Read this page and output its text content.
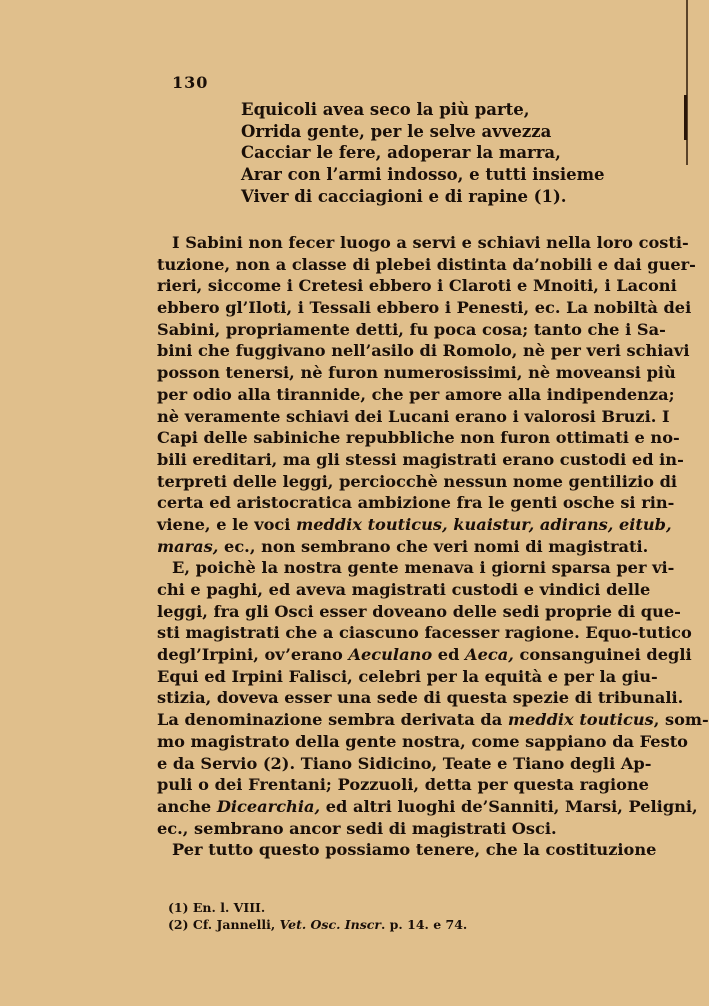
130
Equicoli avea seco la più parte,
Orrida gente, per le selve avvezza
Cacciar le fere, adoperar la marra,
Arar con l’armi indosso, e tutti insieme
Viver di cacciagioni e di rapine (1).
I Sabini non fecer luogo a servi e schiavi nella loro costi-
tuzione, non a classe di plebei distinta da’nobili e dai guer-
rieri, siccome i Cretesi ebbero i Claroti e Mnoiti, i Laconi
ebbero gl’Iloti, i Tessali ebbero i Penesti, ec. La nobiltà dei
Sabini, propriamente detti, fu poca cosa; tanto che i Sa-
bini che fuggivano nell’asilo di Romolo, nè per veri schiavi
posson tenersi, nè furon numerosissimi, nè moveansi più
per odio alla tirannide, che per amore alla indipendenza;
nè veramente schiavi dei Lucani erano i valorosi Bruzi. I
Capi delle sabiniche repubbliche non furon ottimati e no-
bili ereditari, ma gli stessi magistrati erano custodi ed in-
terpreti delle leggi, perciocchè nessun nome gentilizio di
certa ed aristocratica ambizione fra le genti osche si rin-
viene, e le voci meddix touticus, kuaistur, adirans, eitub,
maras, ec., non sembrano che veri nomi di magistrati.
E, poichè la nostra gente menava i giorni sparsa per vi-
chi e paghi, ed aveva magistrati custodi e vindici delle
leggi, fra gli Osci esser doveano delle sedi proprie di que-
sti magistrati che a ciascuno facesser ragione. Equo-tutico
degl’Irpini, ov’erano Aeculano ed Aeca, consanguinei degli
Equi ed Irpini Falisci, celebri per la equità e per la giu-
stizia, doveva esser una sede di questa spezie di tribunali.
La denominazione sembra derivata da meddix touticus, som-
mo magistrato della gente nostra, come sappiano da Festo
e da Servio (2). Tiano Sidicino, Teate e Tiano degli Ap-
puli o dei Frentani; Pozzuoli, detta per questa ragione
anche Dicearchia, ed altri luoghi de’Sanniti, Marsi, Peligni,
ec., sembrano ancor sedi di magistrati Osci.
Per tutto questo possiamo tenere, che la costituzione
(1) En. l. VIII.
(2) Cf. Jannelli, Vet. Osc. Inscr. p. 14. e 74.
